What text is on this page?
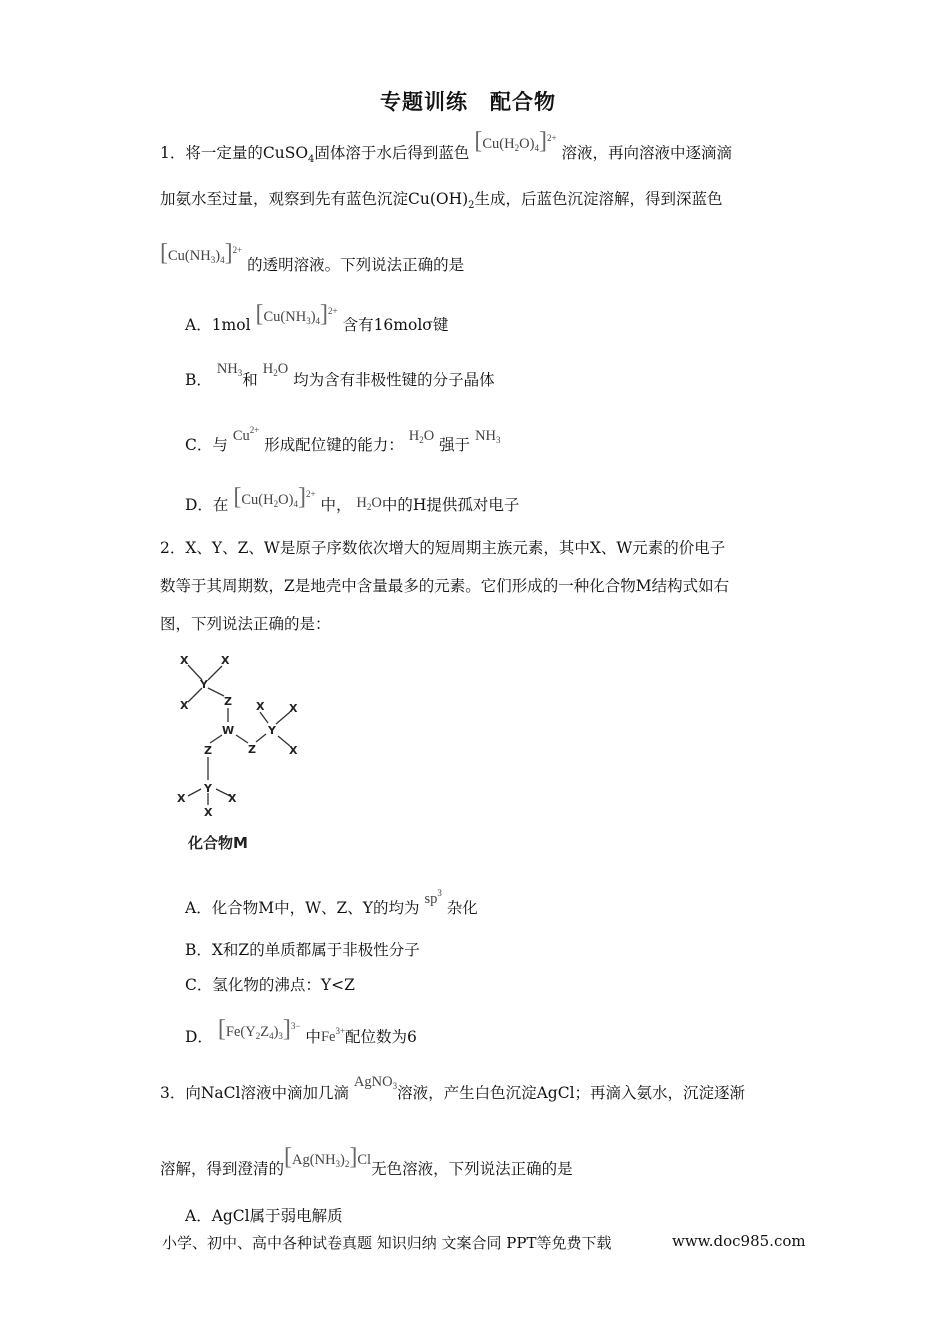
专题训练　配合物
1．将一定量的CuSO$_4$固体溶于水后得到蓝色 $[Cu(H_2O)_4]^{2+}$ 溶液，再向溶液中逐滴滴
加氨水至过量，观察到先有蓝色沉淀$Cu(OH)_2$生成，后蓝色沉淀溶解，得到深蓝色
$[Cu(NH_3)_4]^{2+}$ 的透明溶液。下列说法正确的是
A．1mol $[Cu(NH_3)_4]^{2+}$ 含有16molσ键
B． $NH_3$和 $H_2O$ 均为含有非极性键的分子晶体
C．与 $Cu^{2+}$ 形成配位键的能力： $H_2O$ 强于 $NH_3$
D．在 $[Cu(H_2O)_4]^{2+}$ 中， $H_2O$中的H提供孤对电子
2．X、Y、Z、W是原子序数依次增大的短周期主族元素，其中X、W元素的价电子
数等于其周期数，Z是地壳中含量最多的元素。它们形成的一种化合物M结构式如右
图，下列说法正确的是：
X	X
Y
X	Z
W
X X
Y
Z	X
Z
Y
X	X
X
化合物M
A．化合物M中，W、Z、Y的均为 $sp^3$ 杂化
B．X和Z的单质都属于非极性分子
C．氢化物的沸点：Y<Z
D． $[Fe(Y_2Z_4)_3]^{3-}$ 中$Fe^{3+}$配位数为6
3．向NaCl溶液中滴加几滴 AgNO$_3$溶液，产生白色沉淀AgCl；再滴入氨水，沉淀逐渐
溶解，得到澄清的$[Ag(NH_3)_2]Cl$无色溶液，下列说法正确的是
A．AgCl属于弱电解质
小学、初中、高中各种试卷真题 知识归纳 文案合同 PPT等免费下载	www.doc985.com
